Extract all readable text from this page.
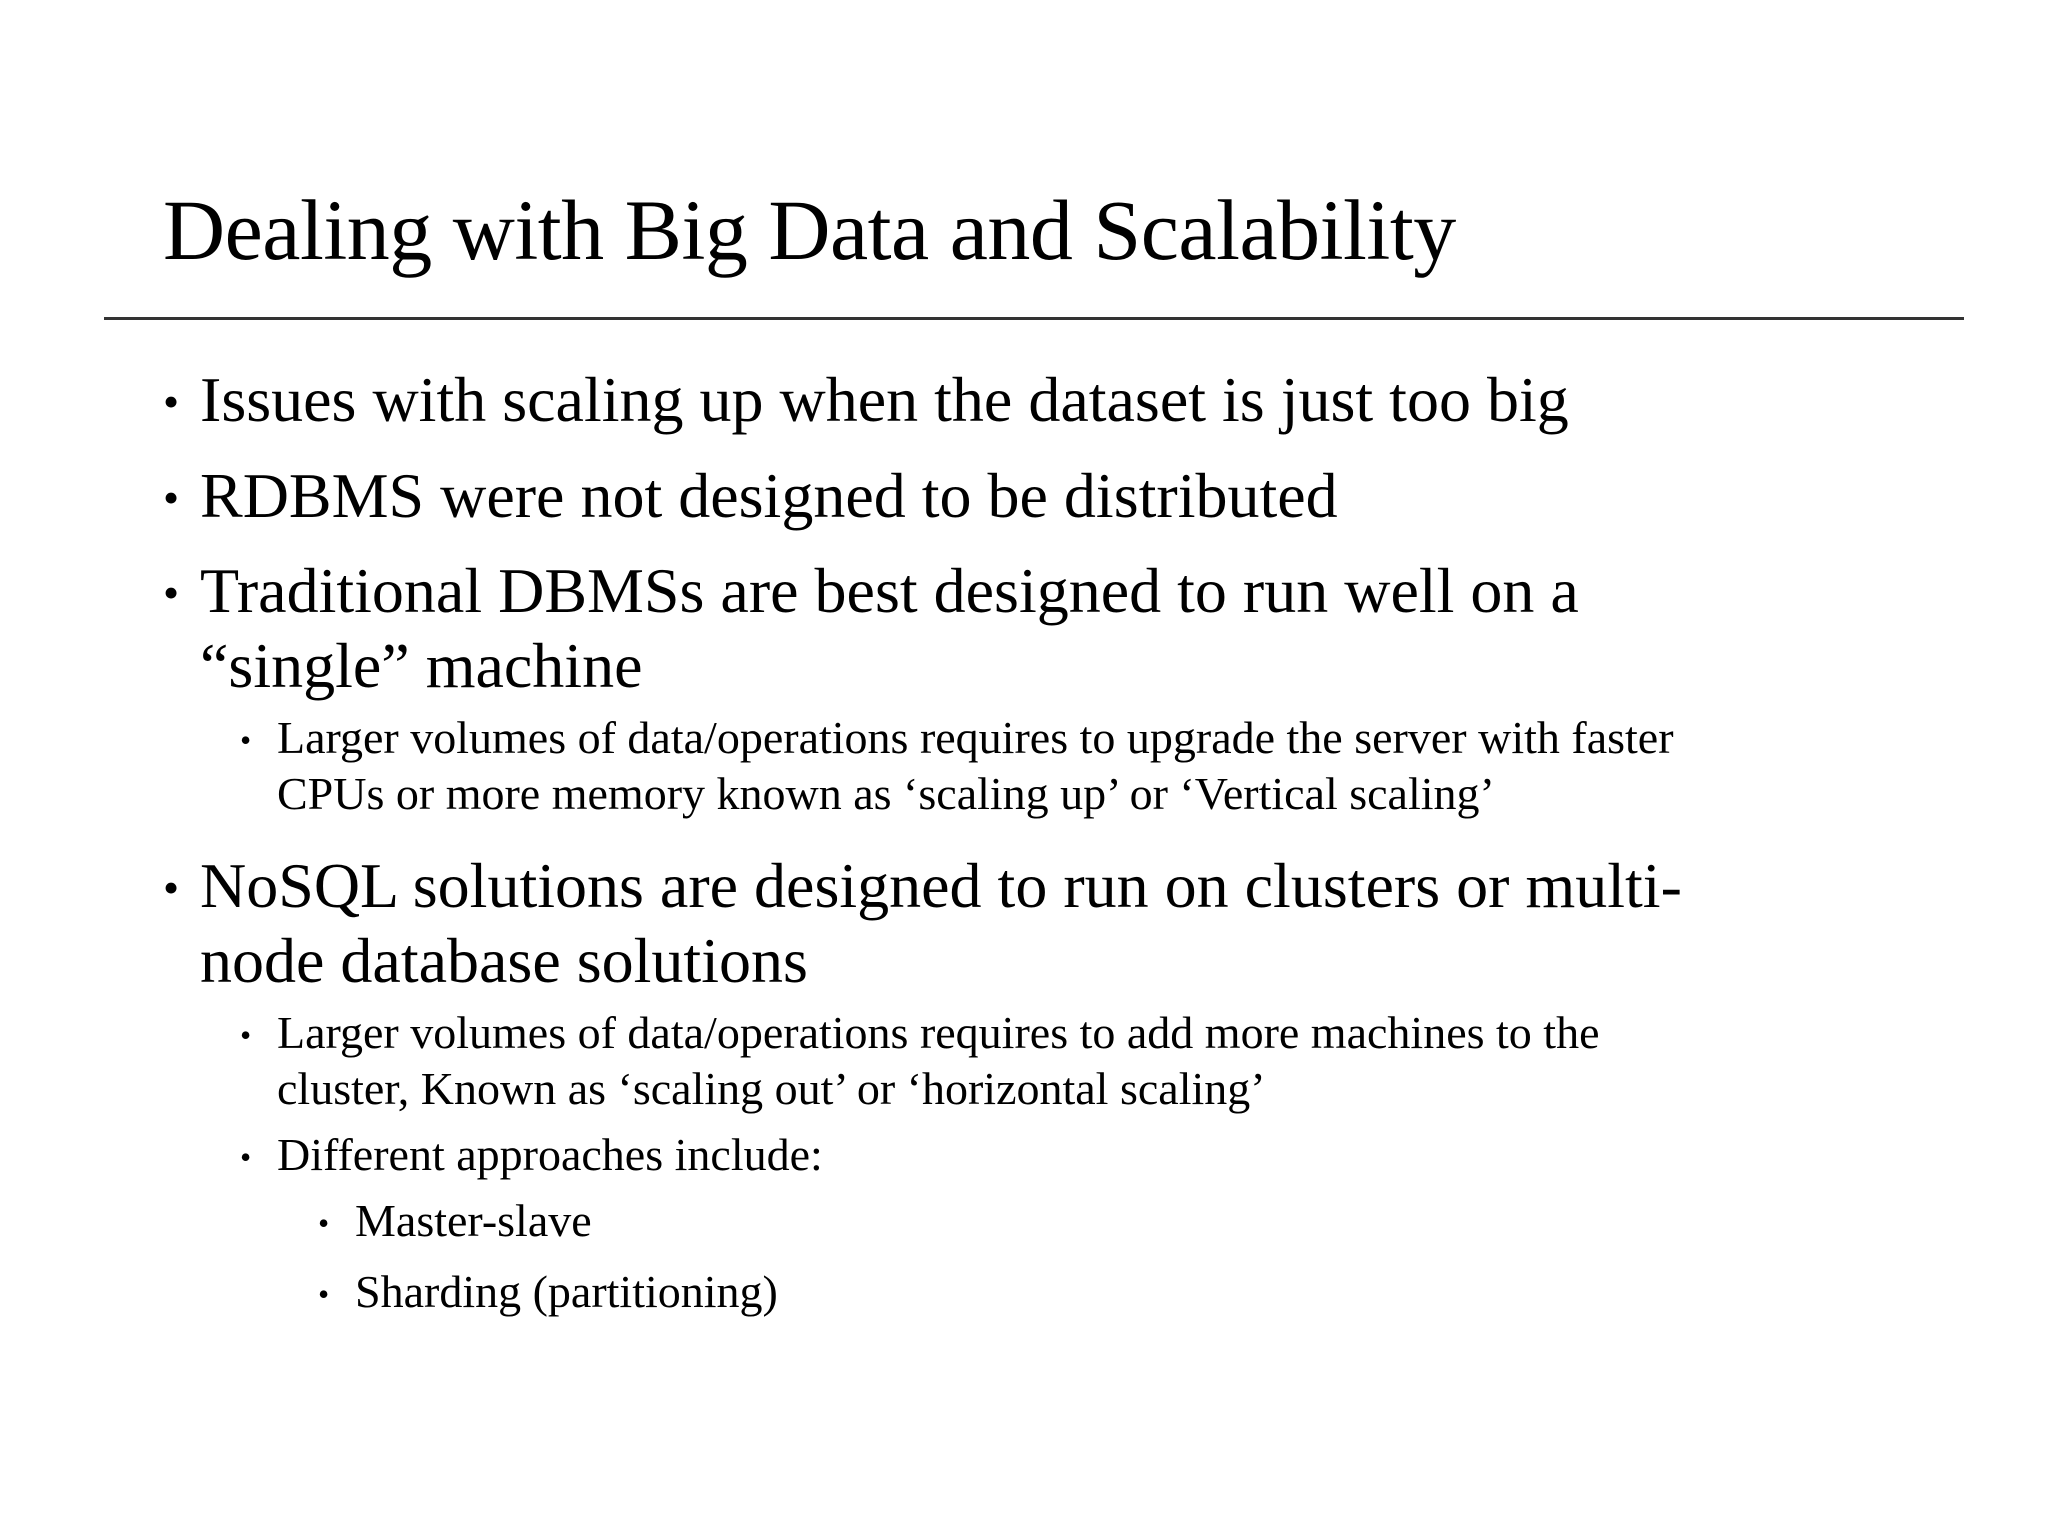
Dealing with Big Data and Scalability
• Issues with scaling up when the dataset is just too big
• RDBMS were not designed to be distributed
• Traditional DBMSs are best designed to run well on a
“single” machine
• Larger volumes of data/operations requires to upgrade the server with faster
CPUs or more memory known as ‘scaling up’ or ‘Vertical scaling’
• NoSQL solutions are designed to run on clusters or multi-
node database solutions
• Larger volumes of data/operations requires to add more machines to the
cluster, Known as ‘scaling out’ or ‘horizontal scaling’
• Different approaches include:
• Master-slave
• Sharding (partitioning)
